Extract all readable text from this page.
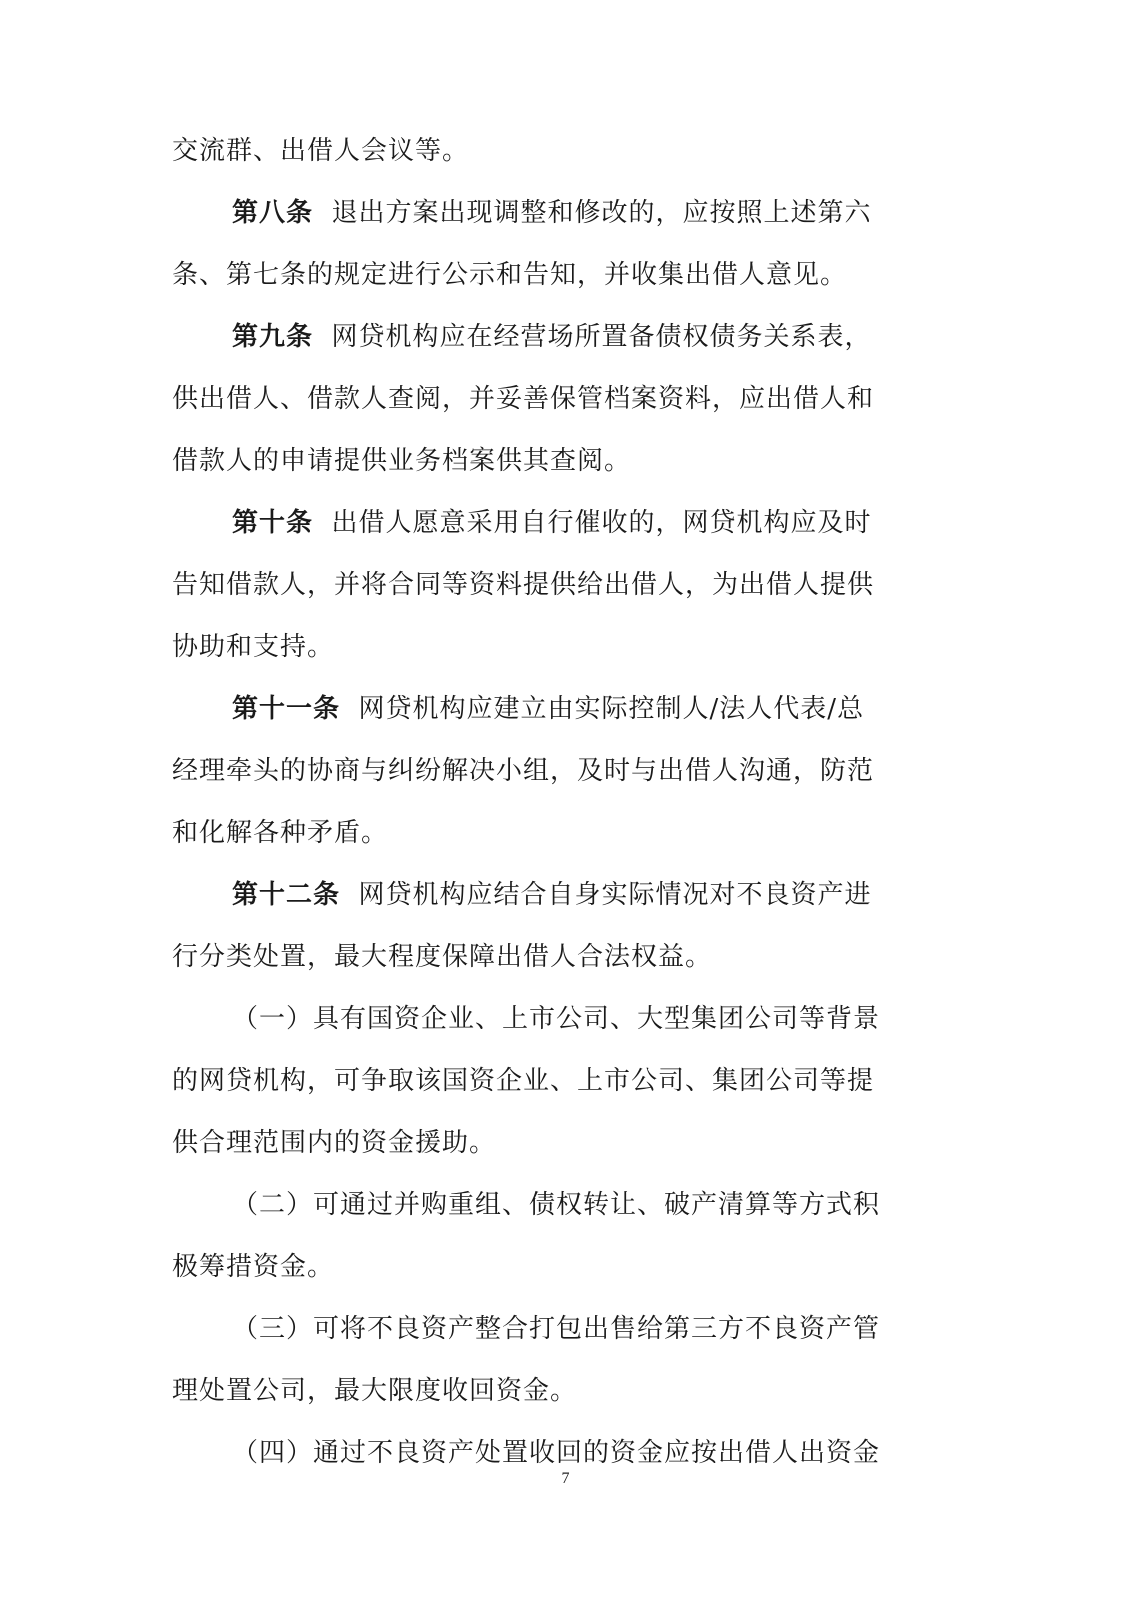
交流群、出借人会议等。
第八条 退出方案出现调整和修改的，应按照上述第六
条、第七条的规定进行公示和告知，并收集出借人意见。
第九条 网贷机构应在经营场所置备债权债务关系表，
供出借人、借款人查阅，并妥善保管档案资料，应出借人和
借款人的申请提供业务档案供其查阅。
第十条 出借人愿意采用自行催收的，网贷机构应及时
告知借款人，并将合同等资料提供给出借人，为出借人提供
协助和支持。
第十一条 网贷机构应建立由实际控制人/法人代表/总
经理牵头的协商与纠纷解决小组，及时与出借人沟通，防范
和化解各种矛盾。
第十二条 网贷机构应结合自身实际情况对不良资产进
行分类处置，最大程度保障出借人合法权益。
（一）具有国资企业、上市公司、大型集团公司等背景
的网贷机构，可争取该国资企业、上市公司、集团公司等提
供合理范围内的资金援助。
（二）可通过并购重组、债权转让、破产清算等方式积
极筹措资金。
（三）可将不良资产整合打包出售给第三方不良资产管
理处置公司，最大限度收回资金。
（四）通过不良资产处置收回的资金应按出借人出资金
7
